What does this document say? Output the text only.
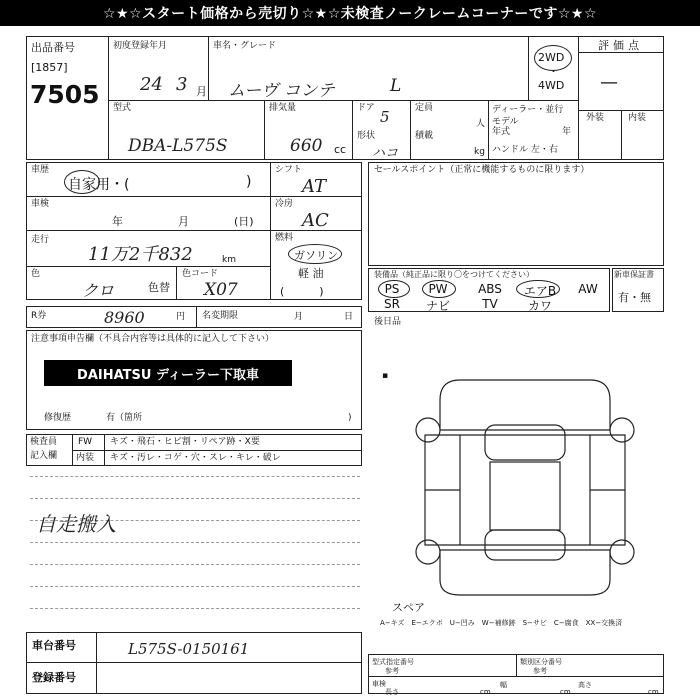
☆★☆スタート価格から売切り☆★☆未検査ノークレームコーナーです☆★☆
出品番号
[1857]
7505
初度登録年月
24 3 月
車名・グレード
ムーヴ コンテ	L
2WD
・
4WD
評価点
—
外装	内装
型式
DBA-L575S
排気量
660 cc
ドア 5
形状
ハコ
定員
人
積載
kg
ディーラー・並行
モデル
年式	年
ハンドル 左・右
車歴
自家用・(	)
シフト
AT
車検
年	月	(日)
冷房
AC
走行
11万2千832	km
燃料
ガソリン
軽 油
(          )
色
クロ	色替
色コード
X07
R券	8960	円 名変期限	月	日
注意事項申告欄（不具合内容等は具体的に記入して下さい）
DAIHATSU ディーラー下取車
修復歴	有（箇所	)
検査員
記入欄
FW キズ・飛石・ヒビ割・リペア跡・X要
内装 キズ・汚レ・コゲ・穴・スレ・キレ・破レ
自走搬入
セールスポイント（正常に機能するものに限ります）
装備品（純正品に限り〇をつけてください）	新車保証書
有・無
PS	PW	ABS	エアB	AW
SR	ナビ	TV	カワ
後日品
▪
スペア
A−キズ　E−エクボ　U−凹み　W−補修跡　S−サビ　C−腐食　XX−交換済
車台番号	L575S-0150161
登録番号
型式指定番号
参考
類別区分番号
参考
車検
長さ	cm
幅
cm
高さ
cm
